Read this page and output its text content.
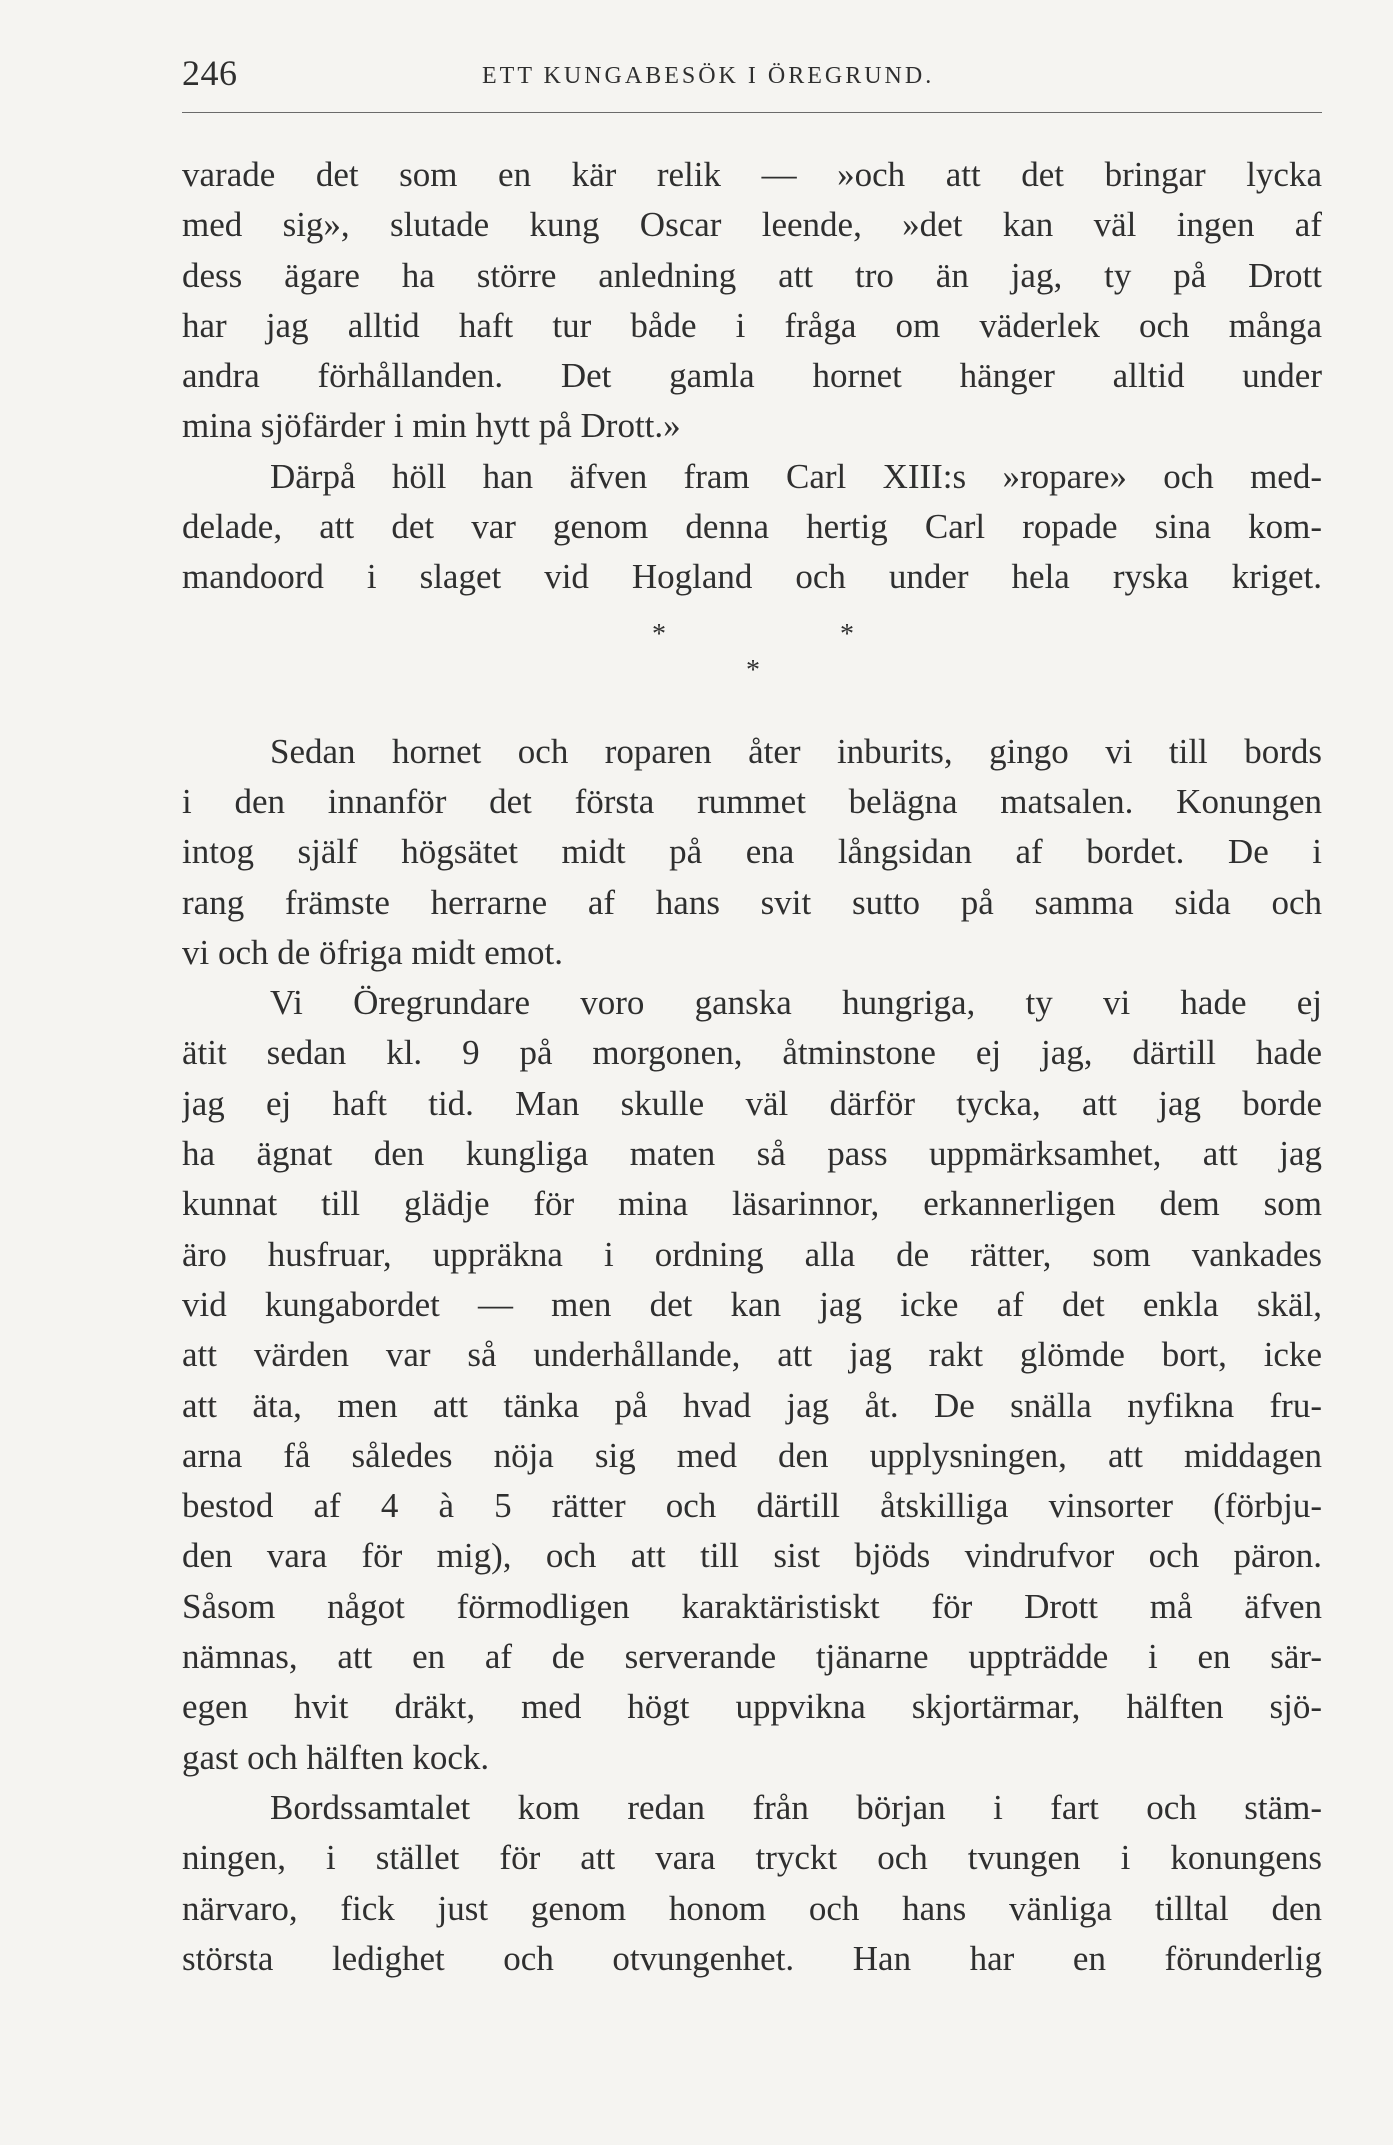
246	ETT KUNGABESÖK I ÖREGRUND.
varade det som en kär relik — »och att det bringar lycka
med sig», slutade kung Oscar leende, »det kan väl ingen af
dess ägare ha större anledning att tro än jag, ty på Drott
har jag alltid haft tur både i fråga om väderlek och många
andra förhållanden. Det gamla hornet hänger alltid under
mina sjöfärder i min hytt på Drott.»
Därpå höll han äfven fram Carl XIII:s »ropare» och med-
delade, att det var genom denna hertig Carl ropade sina kom-
mandoord i slaget vid Hogland och under hela ryska kriget.
*	*
*
Sedan hornet och roparen åter inburits, gingo vi till bords
i den innanför det första rummet belägna matsalen. Konungen
intog själf högsätet midt på ena långsidan af bordet. De i
rang främste herrarne af hans svit sutto på samma sida och
vi och de öfriga midt emot.
Vi Öregrundare voro ganska hungriga, ty vi hade ej
ätit sedan kl. 9 på morgonen, åtminstone ej jag, därtill hade
jag ej haft tid. Man skulle väl därför tycka, att jag borde
ha ägnat den kungliga maten så pass uppmärksamhet, att jag
kunnat till glädje för mina läsarinnor, erkannerligen dem som
äro husfruar, uppräkna i ordning alla de rätter, som vankades
vid kungabordet — men det kan jag icke af det enkla skäl,
att värden var så underhållande, att jag rakt glömde bort, icke
att äta, men att tänka på hvad jag åt. De snälla nyfikna fru-
arna få således nöja sig med den upplysningen, att middagen
bestod af 4 à 5 rätter och därtill åtskilliga vinsorter (förbju-
den vara för mig), och att till sist bjöds vindrufvor och päron.
Såsom något förmodligen karaktäristiskt för Drott må äfven
nämnas, att en af de serverande tjänarne uppträdde i en sär-
egen hvit dräkt, med högt uppvikna skjortärmar, hälften sjö-
gast och hälften kock.
Bordssamtalet kom redan från början i fart och stäm-
ningen, i stället för att vara tryckt och tvungen i konungens
närvaro, fick just genom honom och hans vänliga tilltal den
största ledighet och otvungenhet. Han har en förunderlig
